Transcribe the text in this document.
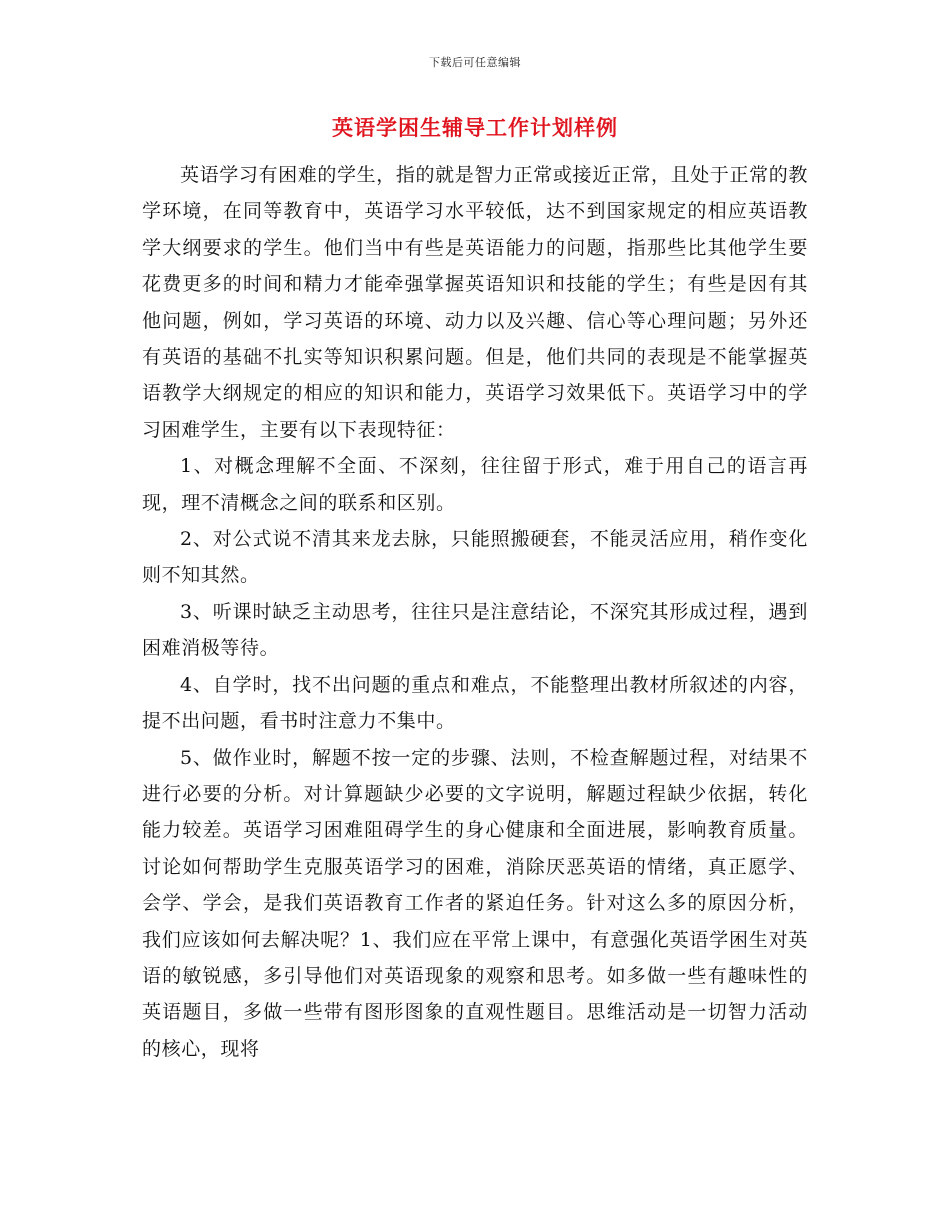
下载后可任意编辑
英语学困生辅导工作计划样例

英语学习有困难的学生，指的就是智力正常或接近正常，且处于正常的教学环境，在同等教育中，英语学习水平较低，达不到国家规定的相应英语教学大纲要求的学生。他们当中有些是英语能力的问题，指那些比其他学生要花费更多的时间和精力才能牵强掌握英语知识和技能的学生；有些是因有其他问题，例如，学习英语的环境、动力以及兴趣、信心等心理问题；另外还有英语的基础不扎实等知识积累问题。但是，他们共同的表现是不能掌握英语教学大纲规定的相应的知识和能力，英语学习效果低下。英语学习中的学习困难学生，主要有以下表现特征：

1、对概念理解不全面、不深刻，往往留于形式，难于用自己的语言再现，理不清概念之间的联系和区别。

2、对公式说不清其来龙去脉，只能照搬硬套，不能灵活应用，稍作变化则不知其然。

3、听课时缺乏主动思考，往往只是注意结论，不深究其形成过程，遇到困难消极等待。

4、自学时，找不出问题的重点和难点，不能整理出教材所叙述的内容，提不出问题，看书时注意力不集中。

5、做作业时，解题不按一定的步骤、法则，不检查解题过程，对结果不进行必要的分析。对计算题缺少必要的文字说明，解题过程缺少依据，转化能力较差。英语学习困难阻碍学生的身心健康和全面进展，影响教育质量。讨论如何帮助学生克服英语学习的困难，消除厌恶英语的情绪，真正愿学、会学、学会，是我们英语教育工作者的紧迫任务。针对这么多的原因分析，我们应该如何去解决呢？1、我们应在平常上课中，有意强化英语学困生对英语的敏锐感，多引导他们对英语现象的观察和思考。如多做一些有趣味性的英语题目，多做一些带有图形图象的直观性题目。思维活动是一切智力活动的核心，现将
